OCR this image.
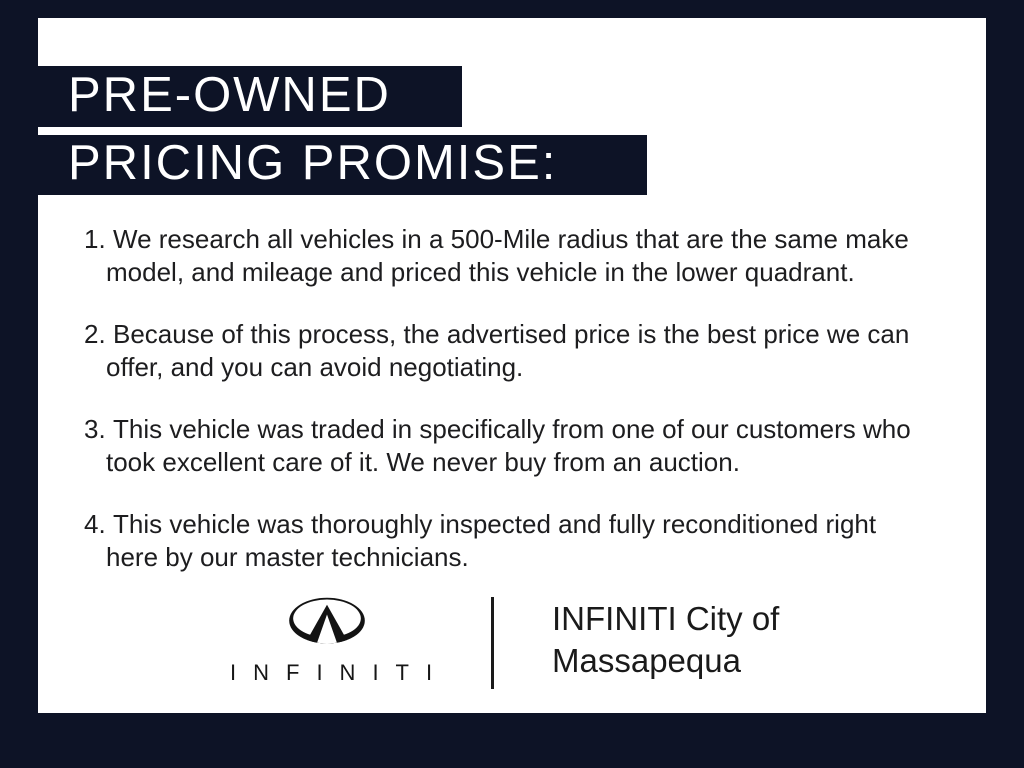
PRE-OWNED
PRICING PROMISE:
1. We research all vehicles in a 500-Mile radius that are the same make
model, and mileage and priced this vehicle in the lower quadrant.
2. Because of this process, the advertised price is the best price we can
offer, and you can avoid negotiating.
3. This vehicle was traded in specifically from one of our customers who
took excellent care of it. We never buy from an auction.
4. This vehicle was thoroughly inspected and fully reconditioned right
here by our master technicians.
INFINITI
INFINITI City of
Massapequa
